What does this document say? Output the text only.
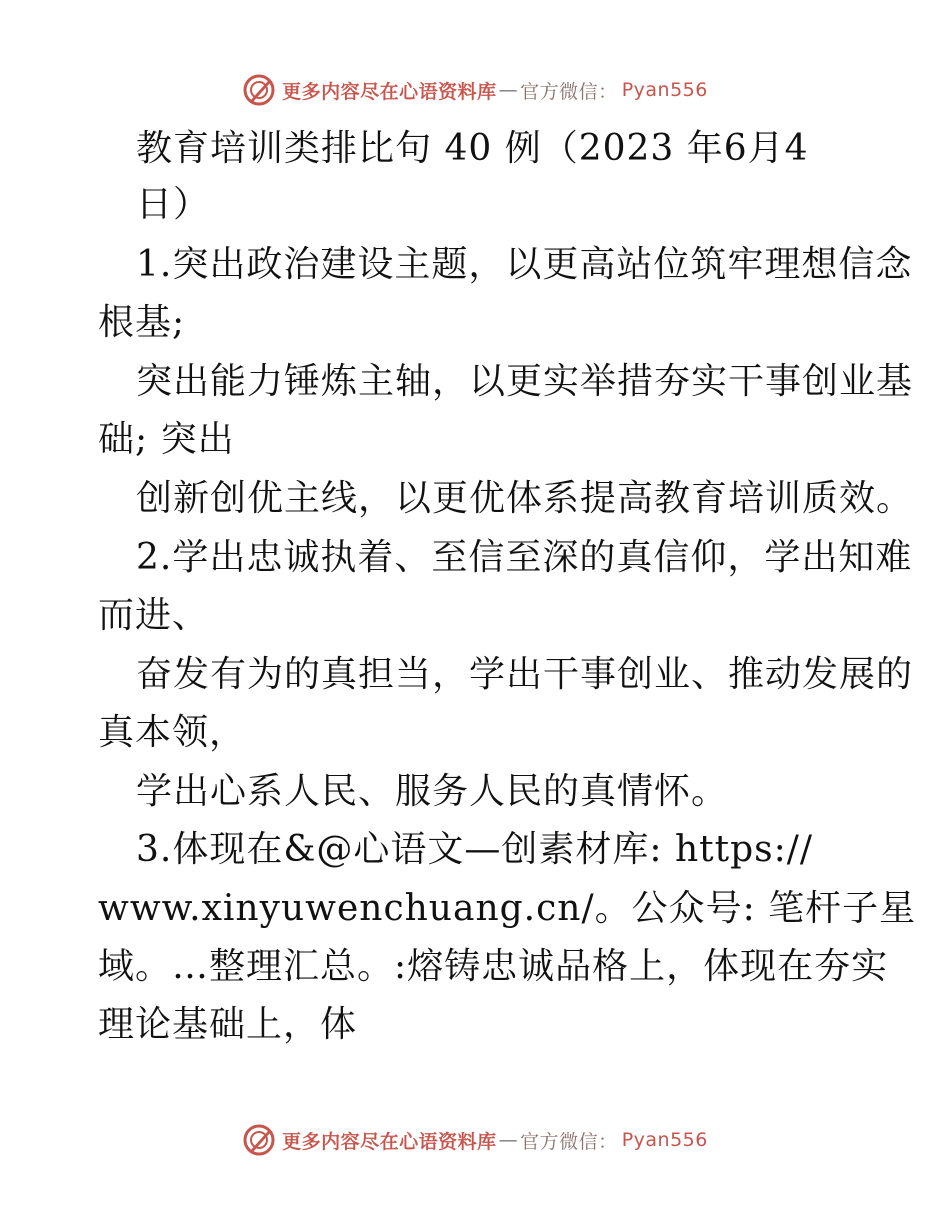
更多内容尽在心语资料库 — 官方微信： Pyan556
教育培训类排比句 40 例（2023 年6月4
日）
1.突出政治建设主题，以更高站位筑牢理想信念
根基;
突出能力锤炼主轴，以更实举措夯实干事创业基
础; 突出
创新创优主线，以更优体系提高教育培训质效。
2.学出忠诚执着、至信至深的真信仰，学出知难
而进、
奋发有为的真担当，学出干事创业、推动发展的
真本领，
学出心系人民、服务人民的真情怀。
3.体现在&@心语文—创素材库: https://
www.xinyuwenchuang.cn/。公众号: 笔杆子星
域。…整理汇总。:熔铸忠诚品格上，体现在夯实
理论基础上，体
更多内容尽在心语资料库 — 官方微信： Pyan556
